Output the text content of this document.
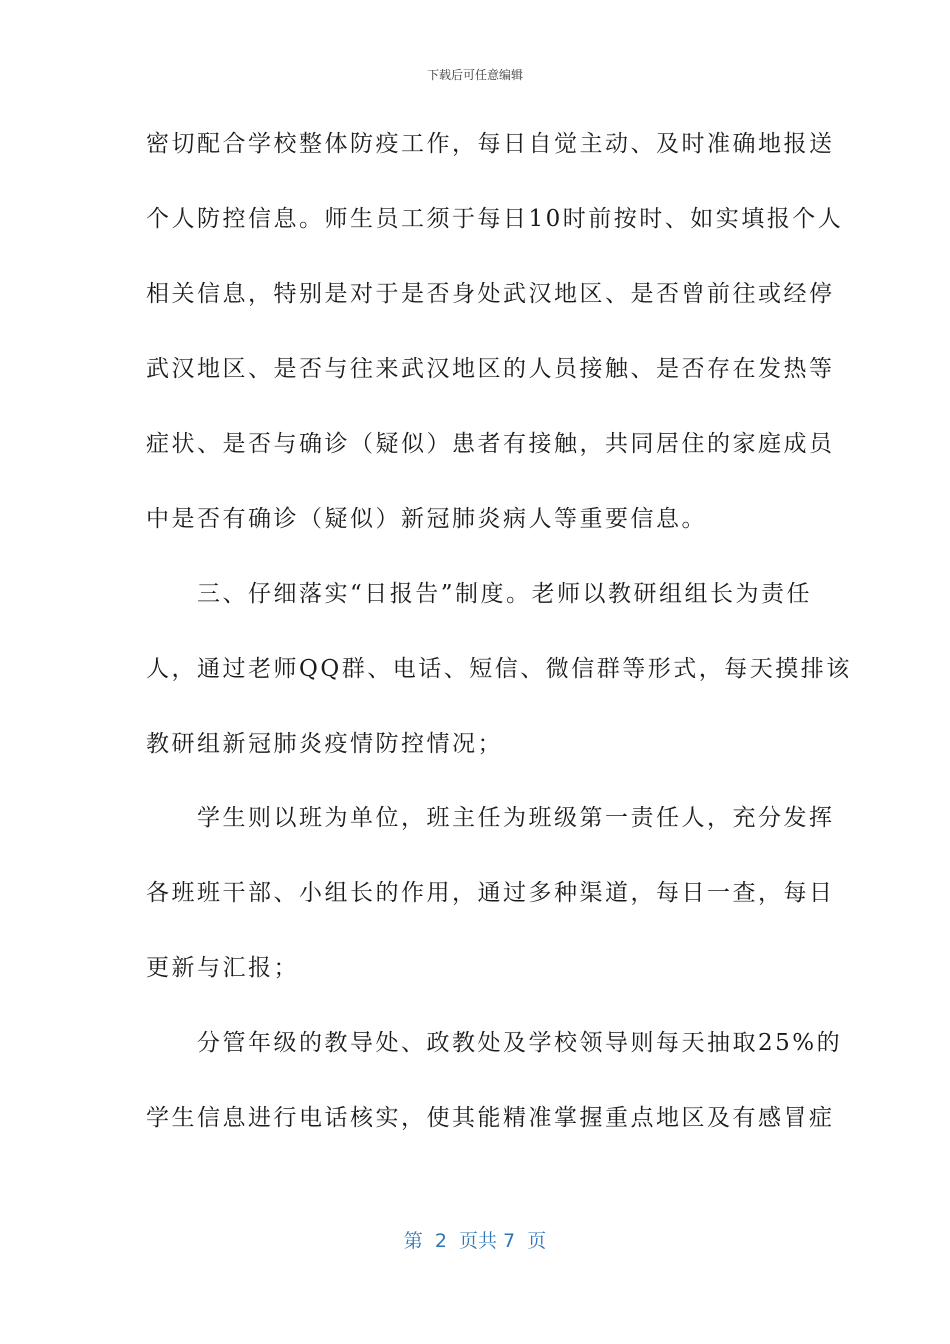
下载后可任意编辑
密切配合学校整体防疫工作，每日自觉主动、及时准确地报送
个人防控信息。师生员工须于每日10时前按时、如实填报个人
相关信息，特别是对于是否身处武汉地区、是否曾前往或经停
武汉地区、是否与往来武汉地区的人员接触、是否存在发热等
症状、是否与确诊（疑似）患者有接触，共同居住的家庭成员
中是否有确诊（疑似）新冠肺炎病人等重要信息。
　　三、仔细落实“日报告”制度。老师以教研组组长为责任
人，通过老师QQ群、电话、短信、微信群等形式，每天摸排该
教研组新冠肺炎疫情防控情况；
　　学生则以班为单位，班主任为班级第一责任人，充分发挥
各班班干部、小组长的作用，通过多种渠道，每日一查，每日
更新与汇报；
　　分管年级的教导处、政教处及学校领导则每天抽取25%的
学生信息进行电话核实，使其能精准掌握重点地区及有感冒症
第  2  页共 7  页
